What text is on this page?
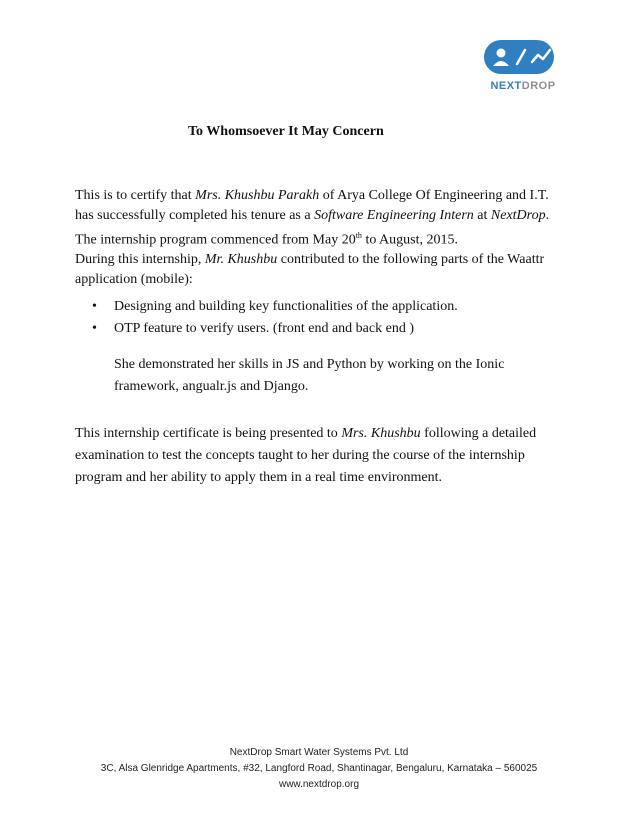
NEXTDROP
To Whomsoever It May Concern
This is to certify that Mrs. Khushbu Parakh of Arya College Of Engineering and I.T. has successfully completed his tenure as a Software Engineering Intern at NextDrop. The internship program commenced from May 20th to August, 2015.
During this internship, Mr. Khushbu contributed to the following parts of the Waattr application (mobile):
• Designing and building key functionalities of the application.
• OTP feature to verify users. (front end and back end )
She demonstrated her skills in JS and Python by working on the Ionic framework, angualr.js and Django.
This internship certificate is being presented to Mrs. Khushbu following a detailed examination to test the concepts taught to her during the course of the internship program and her ability to apply them in a real time environment.
NextDrop Smart Water Systems Pvt. Ltd
3C, Alsa Glenridge Apartments, #32, Langford Road, Shantinagar, Bengaluru, Karnataka – 560025
www.nextdrop.org
